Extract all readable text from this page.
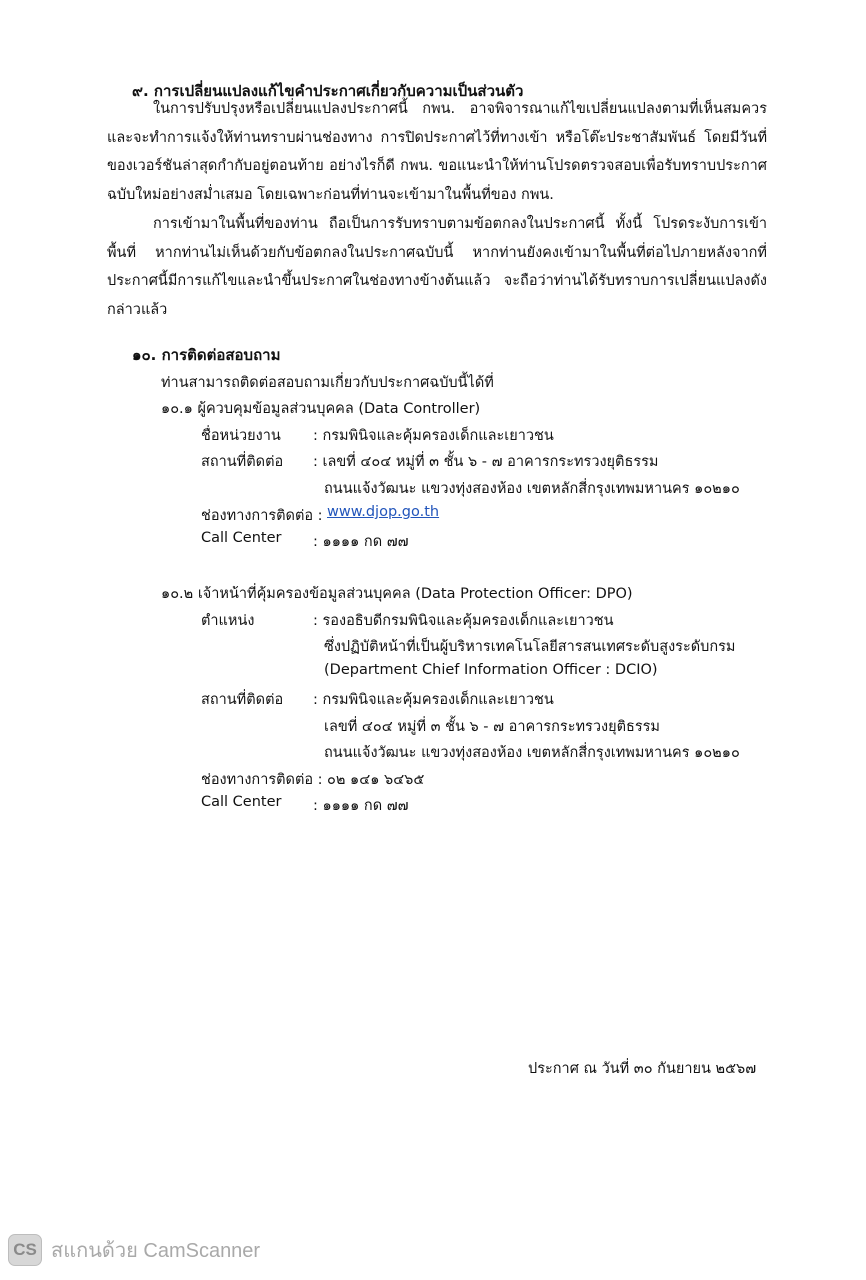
๙. การเปลี่ยนแปลงแก้ไขคำประกาศเกี่ยวกับความเป็นส่วนตัว
ในการปรับปรุงหรือเปลี่ยนแปลงประกาศนี้ กพน. อาจพิจารณาแก้ไขเปลี่ยนแปลงตามที่เห็นสมควร และจะทำการแจ้งให้ท่านทราบผ่านช่องทาง การปิดประกาศไว้ที่ทางเข้า หรือโต๊ะประชาสัมพันธ์ โดยมีวันที่ของเวอร์ชันล่าสุดกำกับอยู่ตอนท้าย อย่างไรก็ดี กพน. ขอแนะนำให้ท่านโปรดตรวจสอบเพื่อรับทราบประกาศฉบับใหม่อย่างสม่ำเสมอ โดยเฉพาะก่อนที่ท่านจะเข้ามาในพื้นที่ของ กพน.
การเข้ามาในพื้นที่ของท่าน ถือเป็นการรับทราบตามข้อตกลงในประกาศนี้ ทั้งนี้ โปรดระงับการเข้าพื้นที่ หากท่านไม่เห็นด้วยกับข้อตกลงในประกาศฉบับนี้ หากท่านยังคงเข้ามาในพื้นที่ต่อไปภายหลังจากที่ประกาศนี้มีการแก้ไขและนำขึ้นประกาศในช่องทางข้างต้นแล้ว จะถือว่าท่านได้รับทราบการเปลี่ยนแปลงดังกล่าวแล้ว
๑๐. การติดต่อสอบถาม
ท่านสามารถติดต่อสอบถามเกี่ยวกับประกาศฉบับนี้ได้ที่
๑๐.๑ ผู้ควบคุมข้อมูลส่วนบุคคล (Data Controller)
ชื่อหน่วยงาน : กรมพินิจและคุ้มครองเด็กและเยาวชน
สถานที่ติดต่อ : เลขที่ ๔๐๔ หมู่ที่ ๓ ชั้น ๖ - ๗ อาคารกระทรวงยุติธรรม
ถนนแจ้งวัฒนะ แขวงทุ่งสองห้อง เขตหลักสี่กรุงเทพมหานคร ๑๐๒๑๐
ช่องทางการติดต่อ : www.djop.go.th
Call Center : ๑๑๑๑ กด ๗๗
๑๐.๒ เจ้าหน้าที่คุ้มครองข้อมูลส่วนบุคคล (Data Protection Officer: DPO)
ตำแหน่ง	: รองอธิบดีกรมพินิจและคุ้มครองเด็กและเยาวชน
ซึ่งปฏิบัติหน้าที่เป็นผู้บริหารเทคโนโลยีสารสนเทศระดับสูงระดับกรม
(Department Chief Information Officer : DCIO)
สถานที่ติดต่อ : กรมพินิจและคุ้มครองเด็กและเยาวชน
เลขที่ ๔๐๔ หมู่ที่ ๓ ชั้น ๖ - ๗ อาคารกระทรวงยุติธรรม
ถนนแจ้งวัฒนะ แขวงทุ่งสองห้อง เขตหลักสี่กรุงเทพมหานคร ๑๐๒๑๐
ช่องทางการติดต่อ : ๐๒ ๑๔๑ ๖๔๖๕
Call Center : ๑๑๑๑ กด ๗๗
ประกาศ ณ วันที่ ๓๐ กันยายน ๒๕๖๗
CS สแกนด้วย CamScanner
